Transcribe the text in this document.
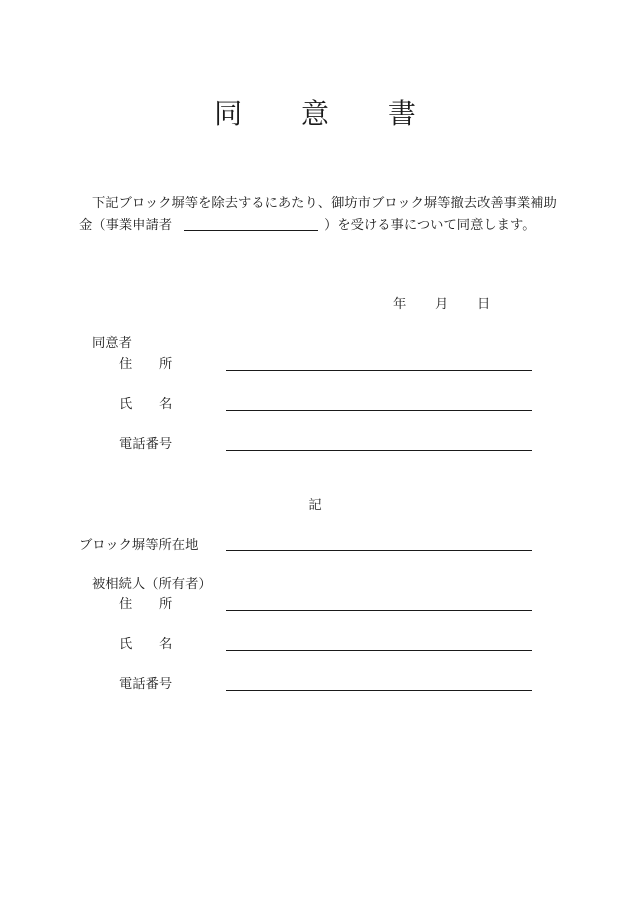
同 意 書
下記ブロック塀等を除去するにあたり、御坊市ブロック塀等撤去改善事業補助
金（事業申請者	）を受ける事について同意します。
年 月 日
同意者
住 所
氏 名
電話番号
記
ブロック塀等所在地
被相続人（所有者）
住 所
氏 名
電話番号
